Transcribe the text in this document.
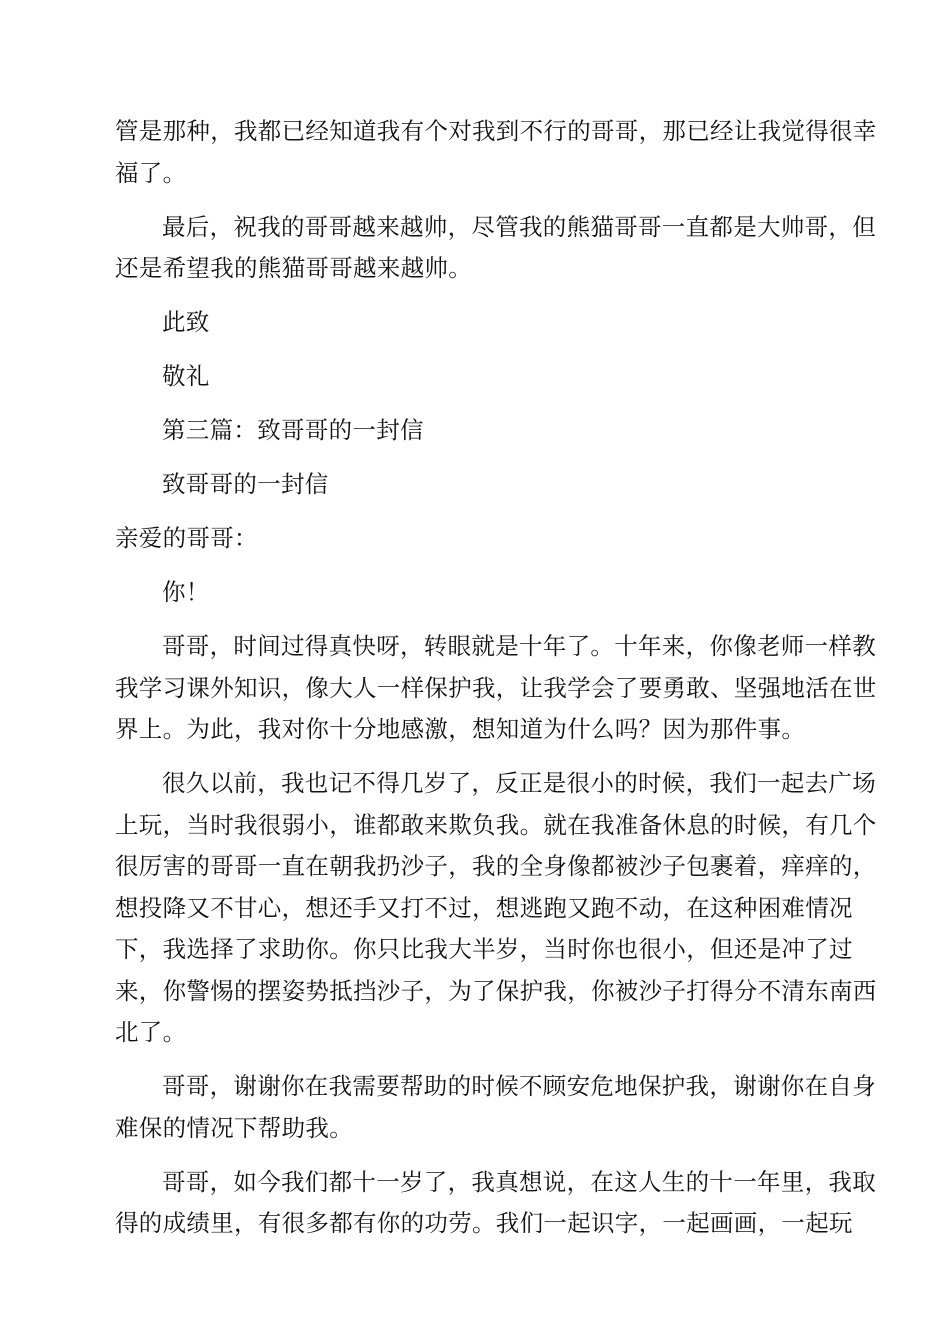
管是那种，我都已经知道我有个对我到不行的哥哥，那已经让我觉得很幸
福了。
最后，祝我的哥哥越来越帅，尽管我的熊猫哥哥一直都是大帅哥，但
还是希望我的熊猫哥哥越来越帅。
此致
敬礼
第三篇：致哥哥的一封信
致哥哥的一封信
亲爱的哥哥：
你！
哥哥，时间过得真快呀，转眼就是十年了。十年来，你像老师一样教
我学习课外知识，像大人一样保护我，让我学会了要勇敢、坚强地活在世
界上。为此，我对你十分地感激，想知道为什么吗？因为那件事。
很久以前，我也记不得几岁了，反正是很小的时候，我们一起去广场
上玩，当时我很弱小，谁都敢来欺负我。就在我准备休息的时候，有几个
很厉害的哥哥一直在朝我扔沙子，我的全身像都被沙子包裹着，痒痒的，
想投降又不甘心，想还手又打不过，想逃跑又跑不动，在这种困难情况
下，我选择了求助你。你只比我大半岁，当时你也很小，但还是冲了过
来，你警惕的摆姿势抵挡沙子，为了保护我，你被沙子打得分不清东南西
北了。
哥哥，谢谢你在我需要帮助的时候不顾安危地保护我，谢谢你在自身
难保的情况下帮助我。
哥哥，如今我们都十一岁了，我真想说，在这人生的十一年里，我取
得的成绩里，有很多都有你的功劳。我们一起识字，一起画画，一起玩
